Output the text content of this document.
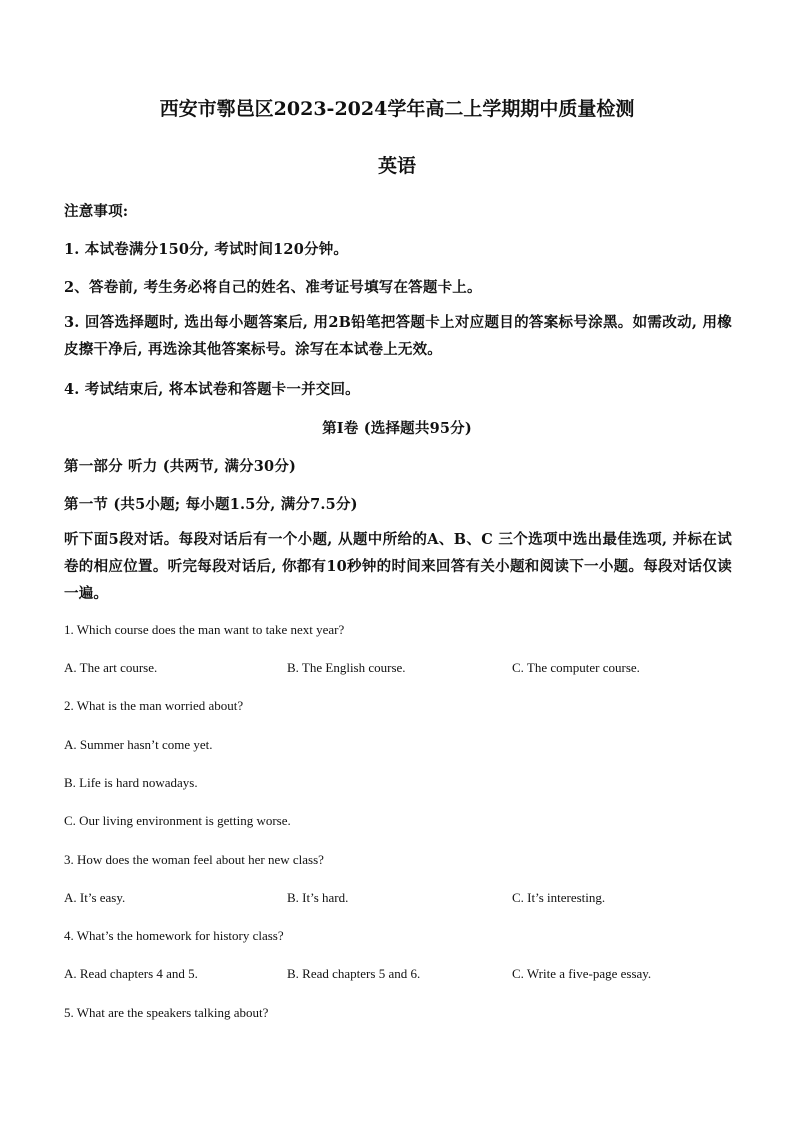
西安市鄠邑区2023-2024学年高二上学期期中质量检测
英语
注意事项:
1. 本试卷满分150分, 考试时间120分钟。
2、答卷前, 考生务必将自己的姓名、准考证号填写在答题卡上。
3. 回答选择题时, 选出每小题答案后, 用2B铅笔把答题卡上对应题目的答案标号涂黑。如需改动, 用橡皮擦干净后, 再选涂其他答案标号。涂写在本试卷上无效。
4. 考试结束后, 将本试卷和答题卡一并交回。
第I卷 (选择题共95分)
第一部分 听力 (共两节, 满分30分)
第一节 (共5小题; 每小题1.5分, 满分7.5分)
听下面5段对话。每段对话后有一个小题, 从题中所给的A、B、C 三个选项中选出最佳选项, 并标在试卷的相应位置。听完每段对话后, 你都有10秒钟的时间来回答有关小题和阅读下一小题。每段对话仅读一遍。
1. Which course does the man want to take next year?
A. The art course.	B. The English course.	C. The computer course.
2. What is the man worried about?
A. Summer hasn’t come yet.
B. Life is hard nowadays.
C. Our living environment is getting worse.
3. How does the woman feel about her new class?
A. It’s easy.	B. It’s hard.	C. It’s interesting.
4. What’s the homework for history class?
A. Read chapters 4 and 5.	B. Read chapters 5 and 6.	C. Write a five-page essay.
5. What are the speakers talking about?
